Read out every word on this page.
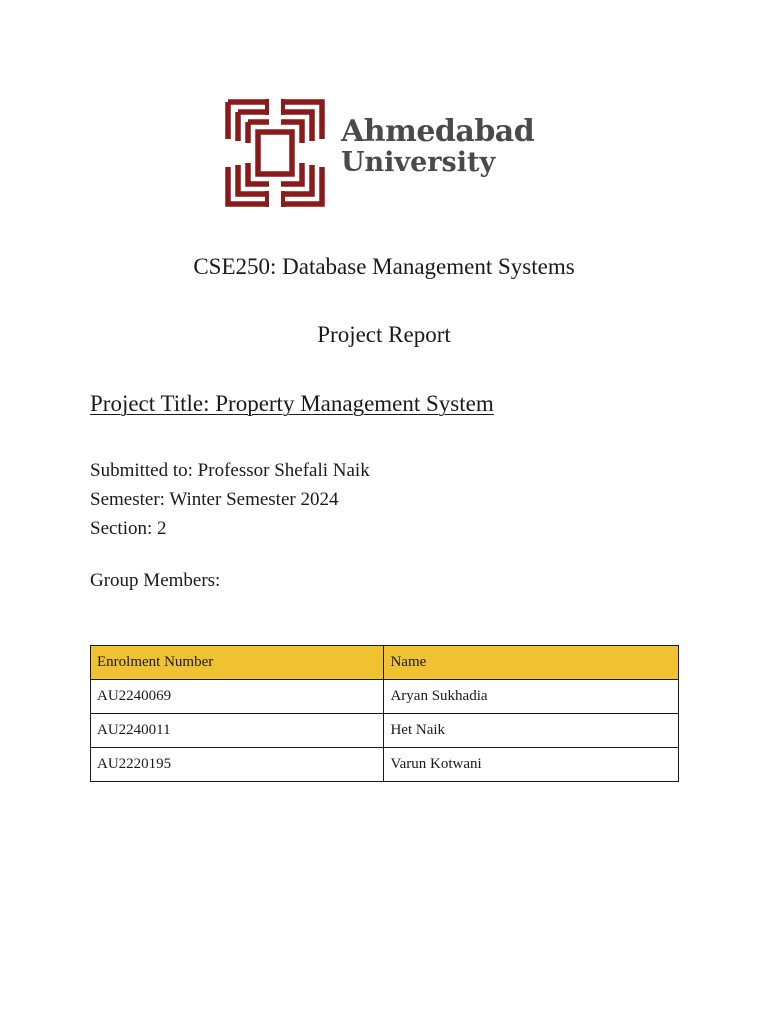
Ahmedabad
University
CSE250: Database Management Systems
Project Report
Project Title: Property Management System
Submitted to: Professor Shefali Naik
Semester: Winter Semester 2024
Section: 2
Group Members:
Enrolment Number	Name
AU2240069	Aryan Sukhadia
AU2240011	Het Naik
AU2220195	Varun Kotwani
